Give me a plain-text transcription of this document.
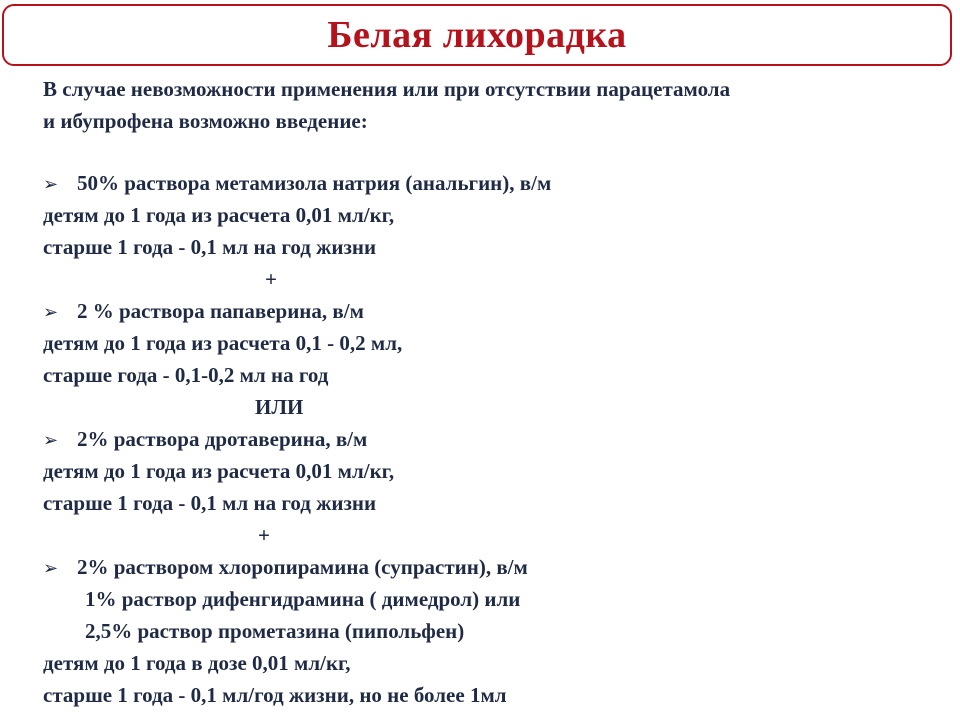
Белая лихорадка
В случае невозможности применения или при отсутствии парацетамола
и ибупрофена возможно введение:
➢ 50% раствора метамизола натрия (анальгин), в/м
детям до 1 года из расчета 0,01 мл/кг,
старше 1 года - 0,1 мл на год жизни
+
➢ 2 % раствора папаверина, в/м
детям до 1 года из расчета 0,1 - 0,2 мл,
старше года - 0,1-0,2 мл на год
ИЛИ
➢ 2% раствора дротаверина, в/м
детям до 1 года из расчета 0,01 мл/кг,
старше 1 года - 0,1 мл на год жизни
+
➢ 2% раствором хлоропирамина (супрастин), в/м
1% раствор дифенгидрамина ( димедрол) или
2,5% раствор прометазина (пипольфен)
детям до 1 года в дозе 0,01 мл/кг,
старше 1 года - 0,1 мл/год жизни, но не более 1мл
